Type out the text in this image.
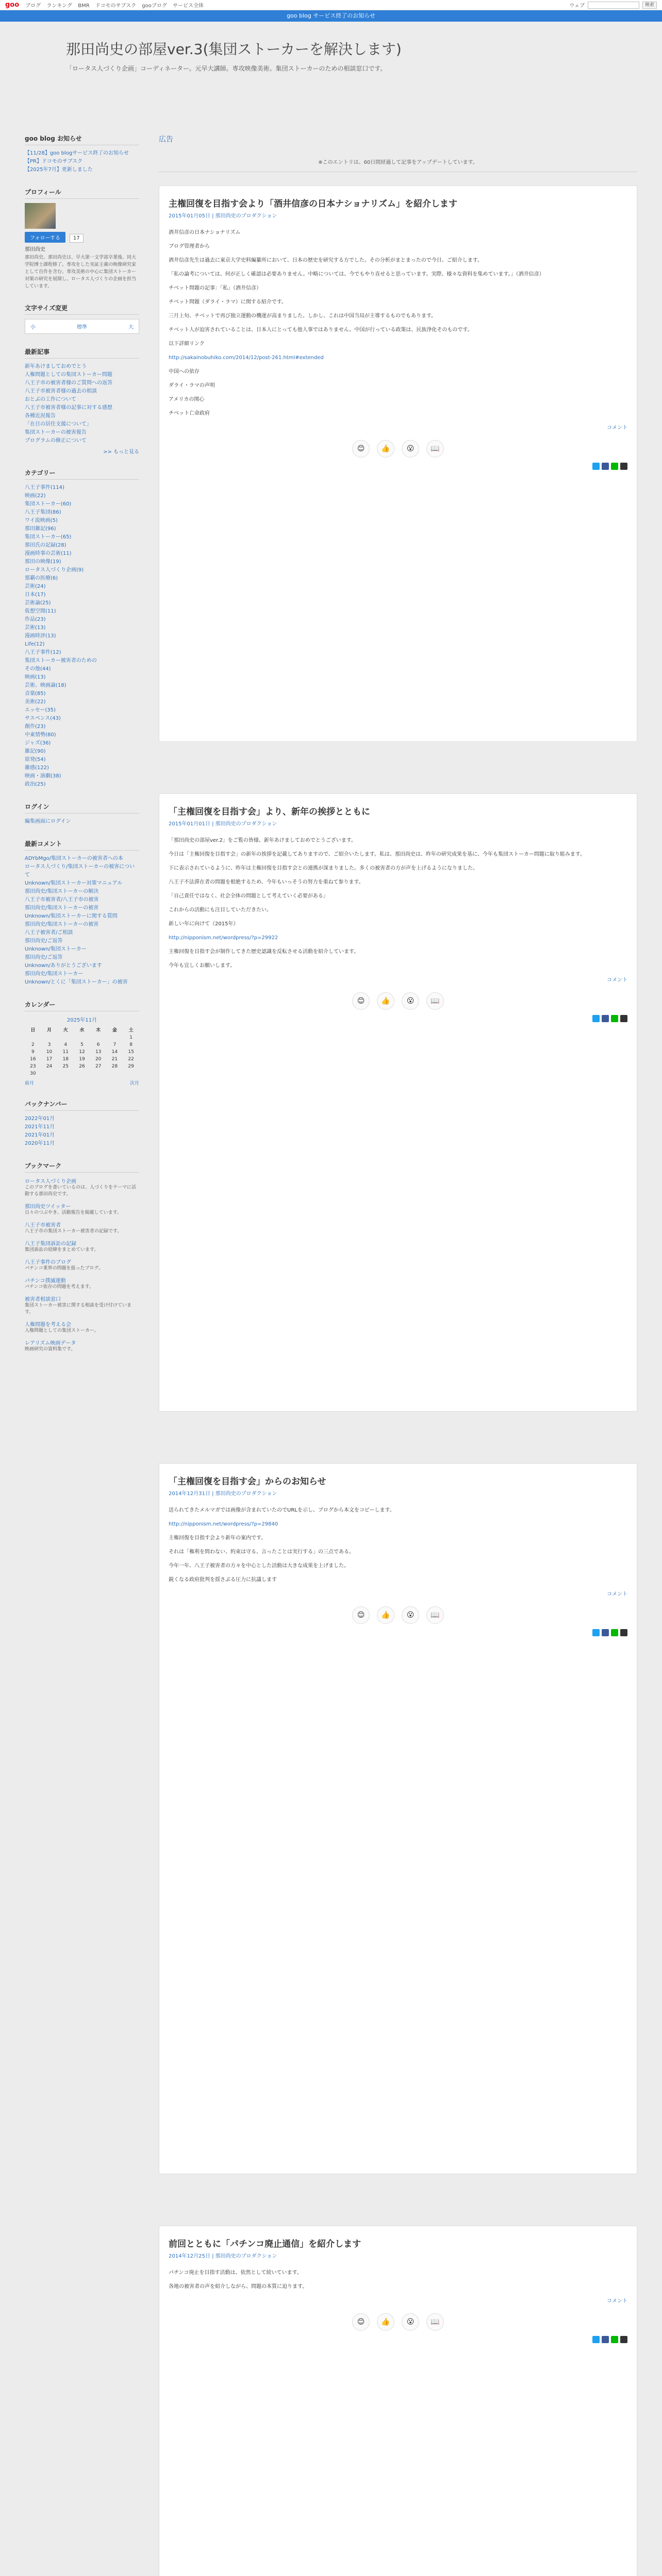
goo ブログ ランキング BMR ドコモのサブスク gooブログ サービス全体	ウェブ	検索
goo blog サービス終了のお知らせ
那田尚史の部屋ver.3(集団ストーカーを解決します)

「ロータス人づくり企画」コーディネーター。元早大講師。専攻映像美術。集団ストーカーのための相談窓口です。

goo blog お知らせ
【11/28】goo blogサービス終了のお知らせ
【PR】ドコモのサブスク
【2025年7月】更新しました
プロフィール
フォローする 17
那田尚史
那田尚史。那田尚史は、早大第一文学部卒業後、同大学院博士課程修了。専攻をした実証主義の映像研究家として自作を含む。専攻美術の中心に集団ストーカー対策の研究を展開し、ロータス人づくりの企画を担当しています。
文字サイズ変更
小	標準	大
最新記事
新年あけましておめでとう
人権問題としての集団ストーカー問題
八王子市の被害者様のご質問への返答
八王子市被害者様の過去の相談
おとぶの工作について
八王子市被害者様の記事に対する感想
各種近況報告
「在日の居住支援について」
集団ストーカーの被害報告
プログラムの修正について
>> もっと見る
カテゴリー
八王子事件(114)
映画(22)
集団ストーカー(60)
八王子集団(86)
ワイ流映画(5)
那田雑記(96)
集団ストーカー(65)
那田氏の記録(28)
漫画時事の芸術(11)
那田の映像(19)
ロータス人づくり企画(9)
那覇の医療(6)
芸術(24)
日本(17)
芸術論(25)
仮想空間(11)
作品(23)
芸術(13)
漫画時評(13)
Life(12)
八王子事件(12)
集団ストーカー被害者のための
その他(44)
映画(13)
芸術、映画論(18)
音楽(85)
美術(22)
エッセー(35)
サスペンス(43)
創作(23)
中東情勢(80)
ジャズ(36)
雑記(90)
原発(54)
雑感(122)
映画・演劇(38)
政治(25)
ログイン
編集画面にログイン
最新コメント
ADYbMgo/集団ストーカーの被害者への本
ロータス人づくり/集団ストーカーの被害について
Unknown/集団ストーカー対策マニュアル
那田尚史/集団ストーカーの解決
八王子市被害者/八王子市の被害
那田尚史/集団ストーカーの被害
Unknown/集団ストーカーに関する質問
那田尚史/集団ストーカーの被害
八王子被害者/ご相談
那田尚史/ご返答
Unknown/集団ストーカー
那田尚史/ご返答
Unknown/ありがとうございます
那田尚史/集団ストーカー
Unknown/とくに「集団ストーカー」の被害
カレンダー
2025年11月
日	月	火	水	木	金	土
						1
2	3	4	5	6	7	8
9	10	11	12	13	14	15
16	17	18	19	20	21	22
23	24	25	26	27	28	29
30						
前月	次月
バックナンバー
2022年01月
2021年11月
2021年01月
2020年11月
ブックマーク
ロータス人づくり企画
このブログを書いているのは、人づくりをテーマに活動する那田尚史です。
那田尚史ツイッター
日々のつぶやき、活動報告を掲載しています。
八王子市被害者
八王子市の集団ストーカー被害者の記録です。
八王子集団訴訟の記録
集団訴訟の経緯をまとめています。
八王子事件のブログ
パチンコ業界の問題を扱ったブログ。
パチンコ撲滅運動
パチンコ依存の問題を考えます。
被害者相談窓口
集団ストーカー被害に関する相談を受け付けています。
人権問題を考える会
人権問題としての集団ストーカー。
レアリズム映画データ
映画研究の資料集です。
広告
※このエントリは、60日間経過して記事をアップデートしています。
主権回復を目指す会より「酒井信彦の日本ナショナリズム」を紹介します
2015年01月05日 | 那田尚史のプロダクション

酒井信彦の日本ナショナリズム

ブログ管理者から

酒井信彦先生は過去に東京大学史料編纂所において、日本の歴史を研究する方でした。その分析がまとまったので今日、ご紹介します。

「私の論考については、何が正しく確認は必要ありません。中略については、今でもやり直せると思っています。実際、様々な資料を集めています。」（酒井信彦）

チベット問題の記事：「私」（酒井信彦）

チベット問題（ダライ・ラマ）に関する紹介です。

三月上旬、チベットで再び独立運動の機運が高まりました。しかし、これは中国当局が主導するものでもあります。

チベット人が迫害されていることは、日本人にとっても他人事ではありません。中国が行っている政策は、民族浄化そのものです。

以下詳細リンク

http://sakainobuhiko.com/2014/12/post-261.html#extended

中国への依存

ダライ・ラマの声明

アメリカの関心

チベット亡命政府

コメント
😊	👍	😮	📖
「主権回復を目指す会」より、新年の挨拶とともに
2015年01月01日 | 那田尚史のプロダクション

「那田尚史の部屋ver.2」をご覧の皆様、新年あけましておめでとうございます。

今日は「主権回復を目指す会」の新年の挨拶を記載してありますので、ご紹介いたします。私は、那田尚史は、昨年の研究成果を基に、今年も集団ストーカー問題に取り組みます。

下に表示されているように、昨年は主権回復を目指す会との連携が深まりました。多くの被害者の方が声を上げるようになりました。

八王子不法滞在者の問題を根絶するため、今年もいっそうの努力を重ねて参ります。

「自己責任ではなく、社会全体の問題として考えていく必要がある」

これからの活動にも注目していただきたい。

新しい年に向けて（2015年）

http://nipponism.net/wordpress/?p=29922

主権回復を目指す会が制作してきた歴史認識を反転させる活動を紹介しています。

今年も宜しくお願いします。

コメント
😊	👍	😮	📖
「主権回復を目指す会」からのお知らせ
2014年12月31日 | 那田尚史のプロダクション

送られてきたメルマガでは画像が含まれていたのでURLを示し、ブログから本文をコピーします。

http://nipponism.net/wordpress/?p=29840

主権回復を目指す会より新年の案内です。

それは「権利を問わない、約束は守る、言ったことは実行する」の三点である。

今年一年、八王子被害者の方々を中心とした活動は大きな成果を上げました。

鋭くなる政府批判を揺さぶる圧力に抗議します

コメント
😊	👍	😮	📖
前回とともに「パチンコ廃止通信」を紹介します
2014年12月25日 | 那田尚史のプロダクション

パチンコ廃止を目指す活動は、依然として続いています。

各地の被害者の声を紹介しながら、問題の本質に迫ります。

コメント
😊	👍	😮	📖
